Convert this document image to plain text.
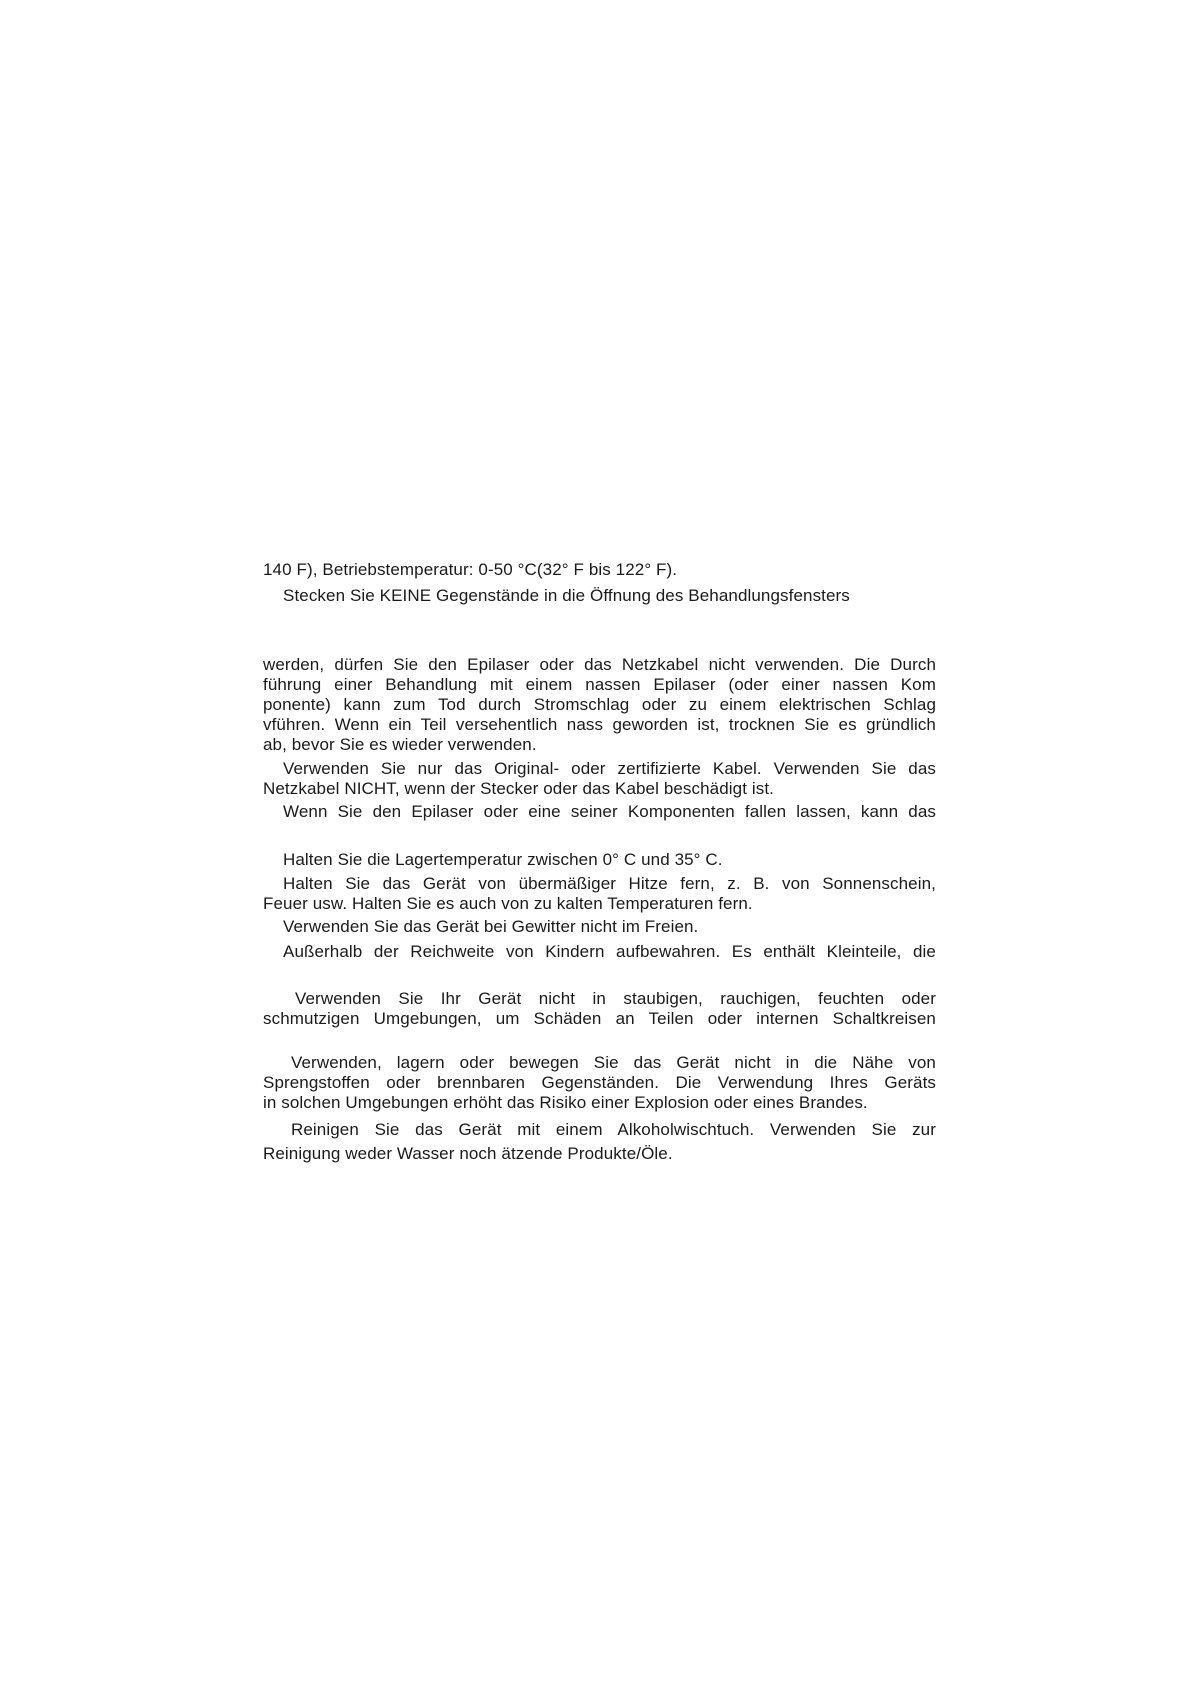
140 F), Betriebstemperatur: 0-50 °C(32° F bis 122° F).
Stecken Sie KEINE Gegenstände in die Öffnung des Behandlungsfensters
werden, dürfen Sie den Epilaser oder das Netzkabel nicht verwenden. Die Durch
führung einer Behandlung mit einem nassen Epilaser (oder einer nassen Kom
ponente) kann zum Tod durch Stromschlag oder zu einem elektrischen Schlag
vführen. Wenn ein Teil versehentlich nass geworden ist, trocknen Sie es gründlich
ab, bevor Sie es wieder verwenden.
Verwenden Sie nur das Original- oder zertifizierte Kabel. Verwenden Sie das
Netzkabel NICHT, wenn der Stecker oder das Kabel beschädigt ist.
Wenn Sie den Epilaser oder eine seiner Komponenten fallen lassen, kann das
Halten Sie die Lagertemperatur zwischen 0° C und 35° C.
Halten Sie das Gerät von übermäßiger Hitze fern, z. B. von Sonnenschein,
Feuer usw. Halten Sie es auch von zu kalten Temperaturen fern.
Verwenden Sie das Gerät bei Gewitter nicht im Freien.
Außerhalb der Reichweite von Kindern aufbewahren. Es enthält Kleinteile, die
Verwenden Sie Ihr Gerät nicht in staubigen, rauchigen, feuchten oder
schmutzigen Umgebungen, um Schäden an Teilen oder internen Schaltkreisen
Verwenden, lagern oder bewegen Sie das Gerät nicht in die Nähe von
Sprengstoffen oder brennbaren Gegenständen. Die Verwendung Ihres Geräts
in solchen Umgebungen erhöht das Risiko einer Explosion oder eines Brandes.
Reinigen Sie das Gerät mit einem Alkoholwischtuch. Verwenden Sie zur
Reinigung weder Wasser noch ätzende Produkte/Öle.
